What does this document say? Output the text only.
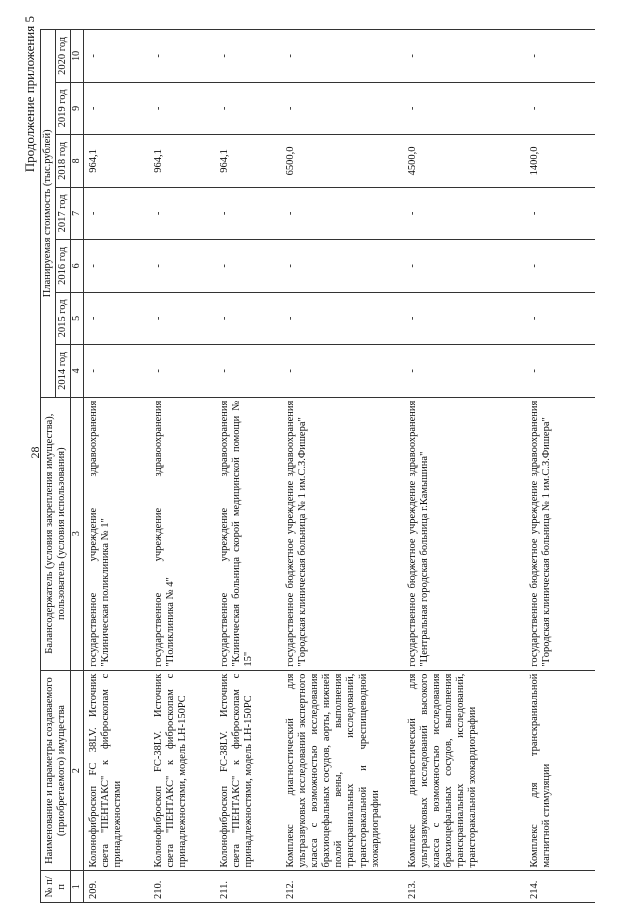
28
Продолжение приложения 5
№ п/п	Наименование и параметры создаваемого (приобретаемого) имущества	Балансодержатель (условия закрепления имущества), пользователь (условия использования)	Планируемая стоимость (тыс.рублей)						
			2014 год	2015 год	2016 год	2017 год	2018 год	2019 год	2020 год
1	2	3	4	5	6	7	8	9	10
209.	Колонофиброскоп FC 38LV. Источник света "ПЕНТАКС" к фиброскопам с принадлежностями	государственное учреждение здравоохранения "Клиническая поликлиника № 1"	-	-	-	-	964,1	-	-
210.	Колонофиброскоп FC-38LV. Источник света "ПЕНТАКС" к фиброскопам с принадлежностями, модель LH-150PC	государственное учреждение здравоохранения "Поликлиника № 4"	-	-	-	-	964,1	-	-
211.	Колонофиброскоп FC-38LV. Источник света "ПЕНТАКС" к фиброскопам с принадлежностями, модель LH-150PC	государственное учреждение здравоохранения "Клиническая больница скорой медицинской помощи № 15"	-	-	-	-	964,1	-	-
212.	Комплекс диагностический для ультразвуковых исследований экспертного класса с возможностью исследования брахиоцефальных сосудов, аорты, нижней полой вены, выполнения транскраниальных исследований, трансторакальной и чреспищеводной эхокардиографии	государственное бюджетное учреждение здравоохранения "Городская клиническая больница № 1 им.С.З.Фишера"	-	-	-	-	6500,0	-	-
213.	Комплекс диагностический для ультразвуковых исследований высокого класса с возможностью исследования брахиоцефальных сосудов, выполнения транскраниальных исследований, трансторакальной эхокардиографии	государственное бюджетное учреждение здравоохранения "Центральная городская больница г.Камышина"	-	-	-	-	4500,0	-	-
214.	Комплекс для транскраниальной магнитной стимуляции	государственное бюджетное учреждение здравоохранения "Городская клиническая больница № 1 им.С.З.Фишера"	-	-	-	-	1400,0	-	-
